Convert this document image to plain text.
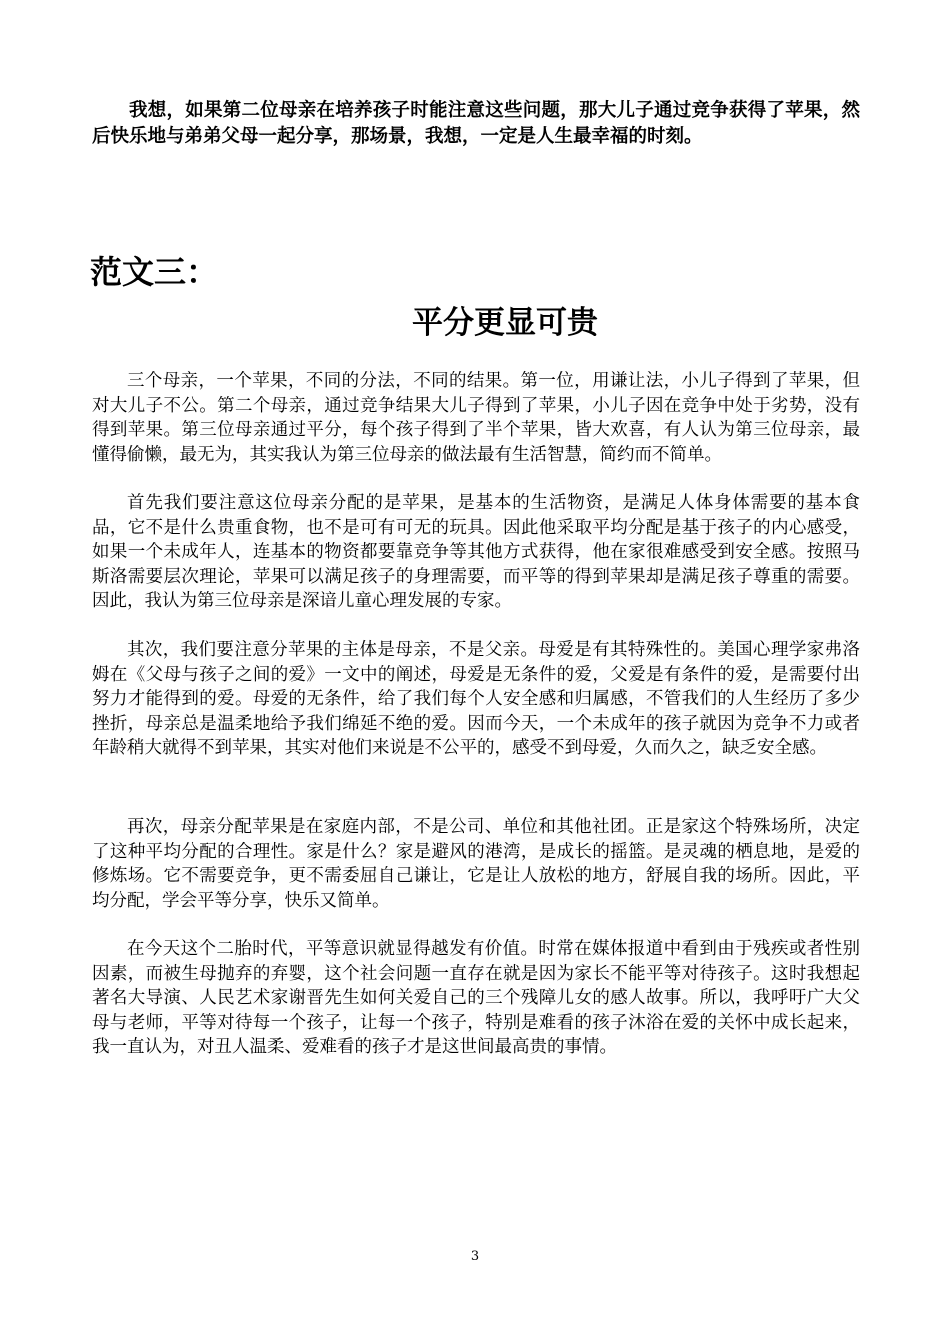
我想，如果第二位母亲在培养孩子时能注意这些问题，那大儿子通过竞争获得了苹果，然后快乐地与弟弟父母一起分享，那场景，我想，一定是人生最幸福的时刻。

范文三：
平分更显可贵

三个母亲，一个苹果，不同的分法，不同的结果。第一位，用谦让法，小儿子得到了苹果，但对大儿子不公。第二个母亲，通过竞争结果大儿子得到了苹果，小儿子因在竞争中处于劣势，没有得到苹果。第三位母亲通过平分，每个孩子得到了半个苹果，皆大欢喜，有人认为第三位母亲，最懂得偷懒，最无为，其实我认为第三位母亲的做法最有生活智慧，简约而不简单。

首先我们要注意这位母亲分配的是苹果，是基本的生活物资，是满足人体身体需要的基本食品，它不是什么贵重食物，也不是可有可无的玩具。因此他采取平均分配是基于孩子的内心感受，如果一个未成年人，连基本的物资都要靠竞争等其他方式获得，他在家很难感受到安全感。按照马斯洛需要层次理论，苹果可以满足孩子的身理需要，而平等的得到苹果却是满足孩子尊重的需要。因此，我认为第三位母亲是深谙儿童心理发展的专家。

其次，我们要注意分苹果的主体是母亲，不是父亲。母爱是有其特殊性的。美国心理学家弗洛姆在《父母与孩子之间的爱》一文中的阐述，母爱是无条件的爱，父爱是有条件的爱，是需要付出努力才能得到的爱。母爱的无条件，给了我们每个人安全感和归属感，不管我们的人生经历了多少挫折，母亲总是温柔地给予我们绵延不绝的爱。因而今天，一个未成年的孩子就因为竞争不力或者年龄稍大就得不到苹果，其实对他们来说是不公平的，感受不到母爱，久而久之，缺乏安全感。

再次，母亲分配苹果是在家庭内部，不是公司、单位和其他社团。正是家这个特殊场所，决定了这种平均分配的合理性。家是什么？家是避风的港湾，是成长的摇篮。是灵魂的栖息地，是爱的修炼场。它不需要竞争，更不需委屈自己谦让，它是让人放松的地方，舒展自我的场所。因此，平均分配，学会平等分享，快乐又简单。

在今天这个二胎时代，平等意识就显得越发有价值。时常在媒体报道中看到由于残疾或者性别因素，而被生母抛弃的弃婴，这个社会问题一直存在就是因为家长不能平等对待孩子。这时我想起著名大导演、人民艺术家谢晋先生如何关爱自己的三个残障儿女的感人故事。所以，我呼吁广大父母与老师，平等对待每一个孩子，让每一个孩子，特别是难看的孩子沐浴在爱的关怀中成长起来，我一直认为，对丑人温柔、爱难看的孩子才是这世间最高贵的事情。

3
